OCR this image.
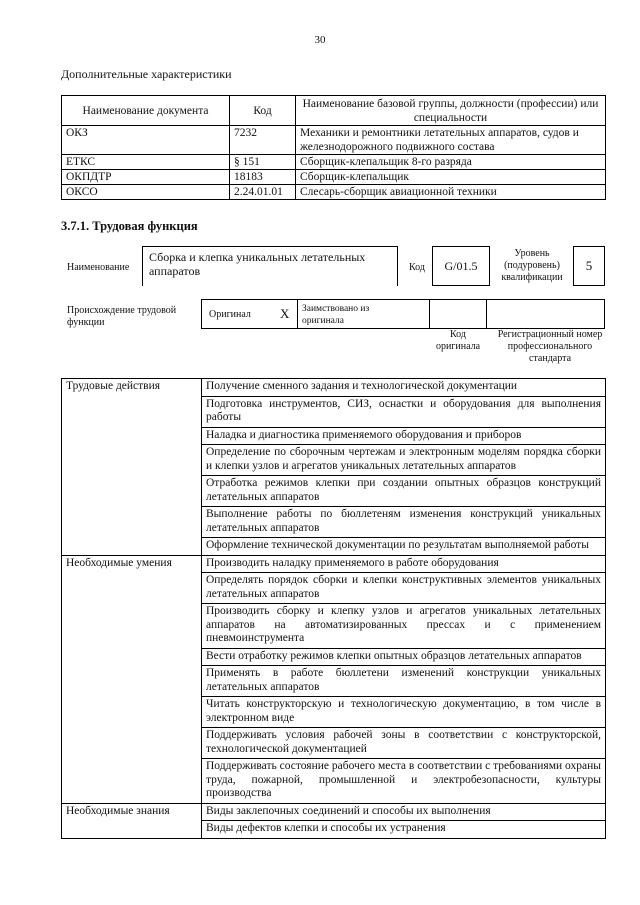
30
Дополнительные характеристики
Наименование документа	Код	Наименование базовой группы, должности (профессии) или специальности
ОКЗ	7232	Механики и ремонтники летательных аппаратов, судов и железнодорожного подвижного состава
ЕТКС	§ 151	Сборщик-клепальщик 8-го разряда
ОКПДТР	18183	Сборщик-клепальщик
ОКСО	2.24.01.01	Слесарь-сборщик авиационной техники
3.7.1. Трудовая функция
Наименование
Сборка и клепка уникальных летательных аппаратов	Код G/01.5
Уровень (подуровень) квалификации
5
Происхождение трудовой функции
Оригинал X Заимствовано из оригинала
Код оригинала
Регистрационный номер профессионального стандарта
Трудовые действия	Получение сменного задания и технологической документации
	Подготовка инструментов, СИЗ, оснастки и оборудования для выполнения работы
	Наладка и диагностика применяемого оборудования и приборов
	Определение по сборочным чертежам и электронным моделям порядка сборки и клепки узлов и агрегатов уникальных летательных аппаратов
	Отработка режимов клепки при создании опытных образцов конструкций летательных аппаратов
	Выполнение работы по бюллетеням изменения конструкций уникальных летательных аппаратов
	Оформление технической документации по результатам выполняемой работы
Необходимые умения	Производить наладку применяемого в работе оборудования
	Определять порядок сборки и клепки конструктивных элементов уникальных летательных аппаратов
	Производить сборку и клепку узлов и агрегатов уникальных летательных аппаратов на автоматизированных прессах и с применением пневмоинструмента
	Вести отработку режимов клепки опытных образцов летательных аппаратов
	Применять в работе бюллетени изменений конструкции уникальных летательных аппаратов
	Читать конструкторскую и технологическую документацию, в том числе в электронном виде
	Поддерживать условия рабочей зоны в соответствии с конструкторской, технологической документацией
	Поддерживать состояние рабочего места в соответствии с требованиями охраны труда, пожарной, промышленной и электробезопасности, культуры производства
Необходимые знания	Виды заклепочных соединений и способы их выполнения
	Виды дефектов клепки и способы их устранения
